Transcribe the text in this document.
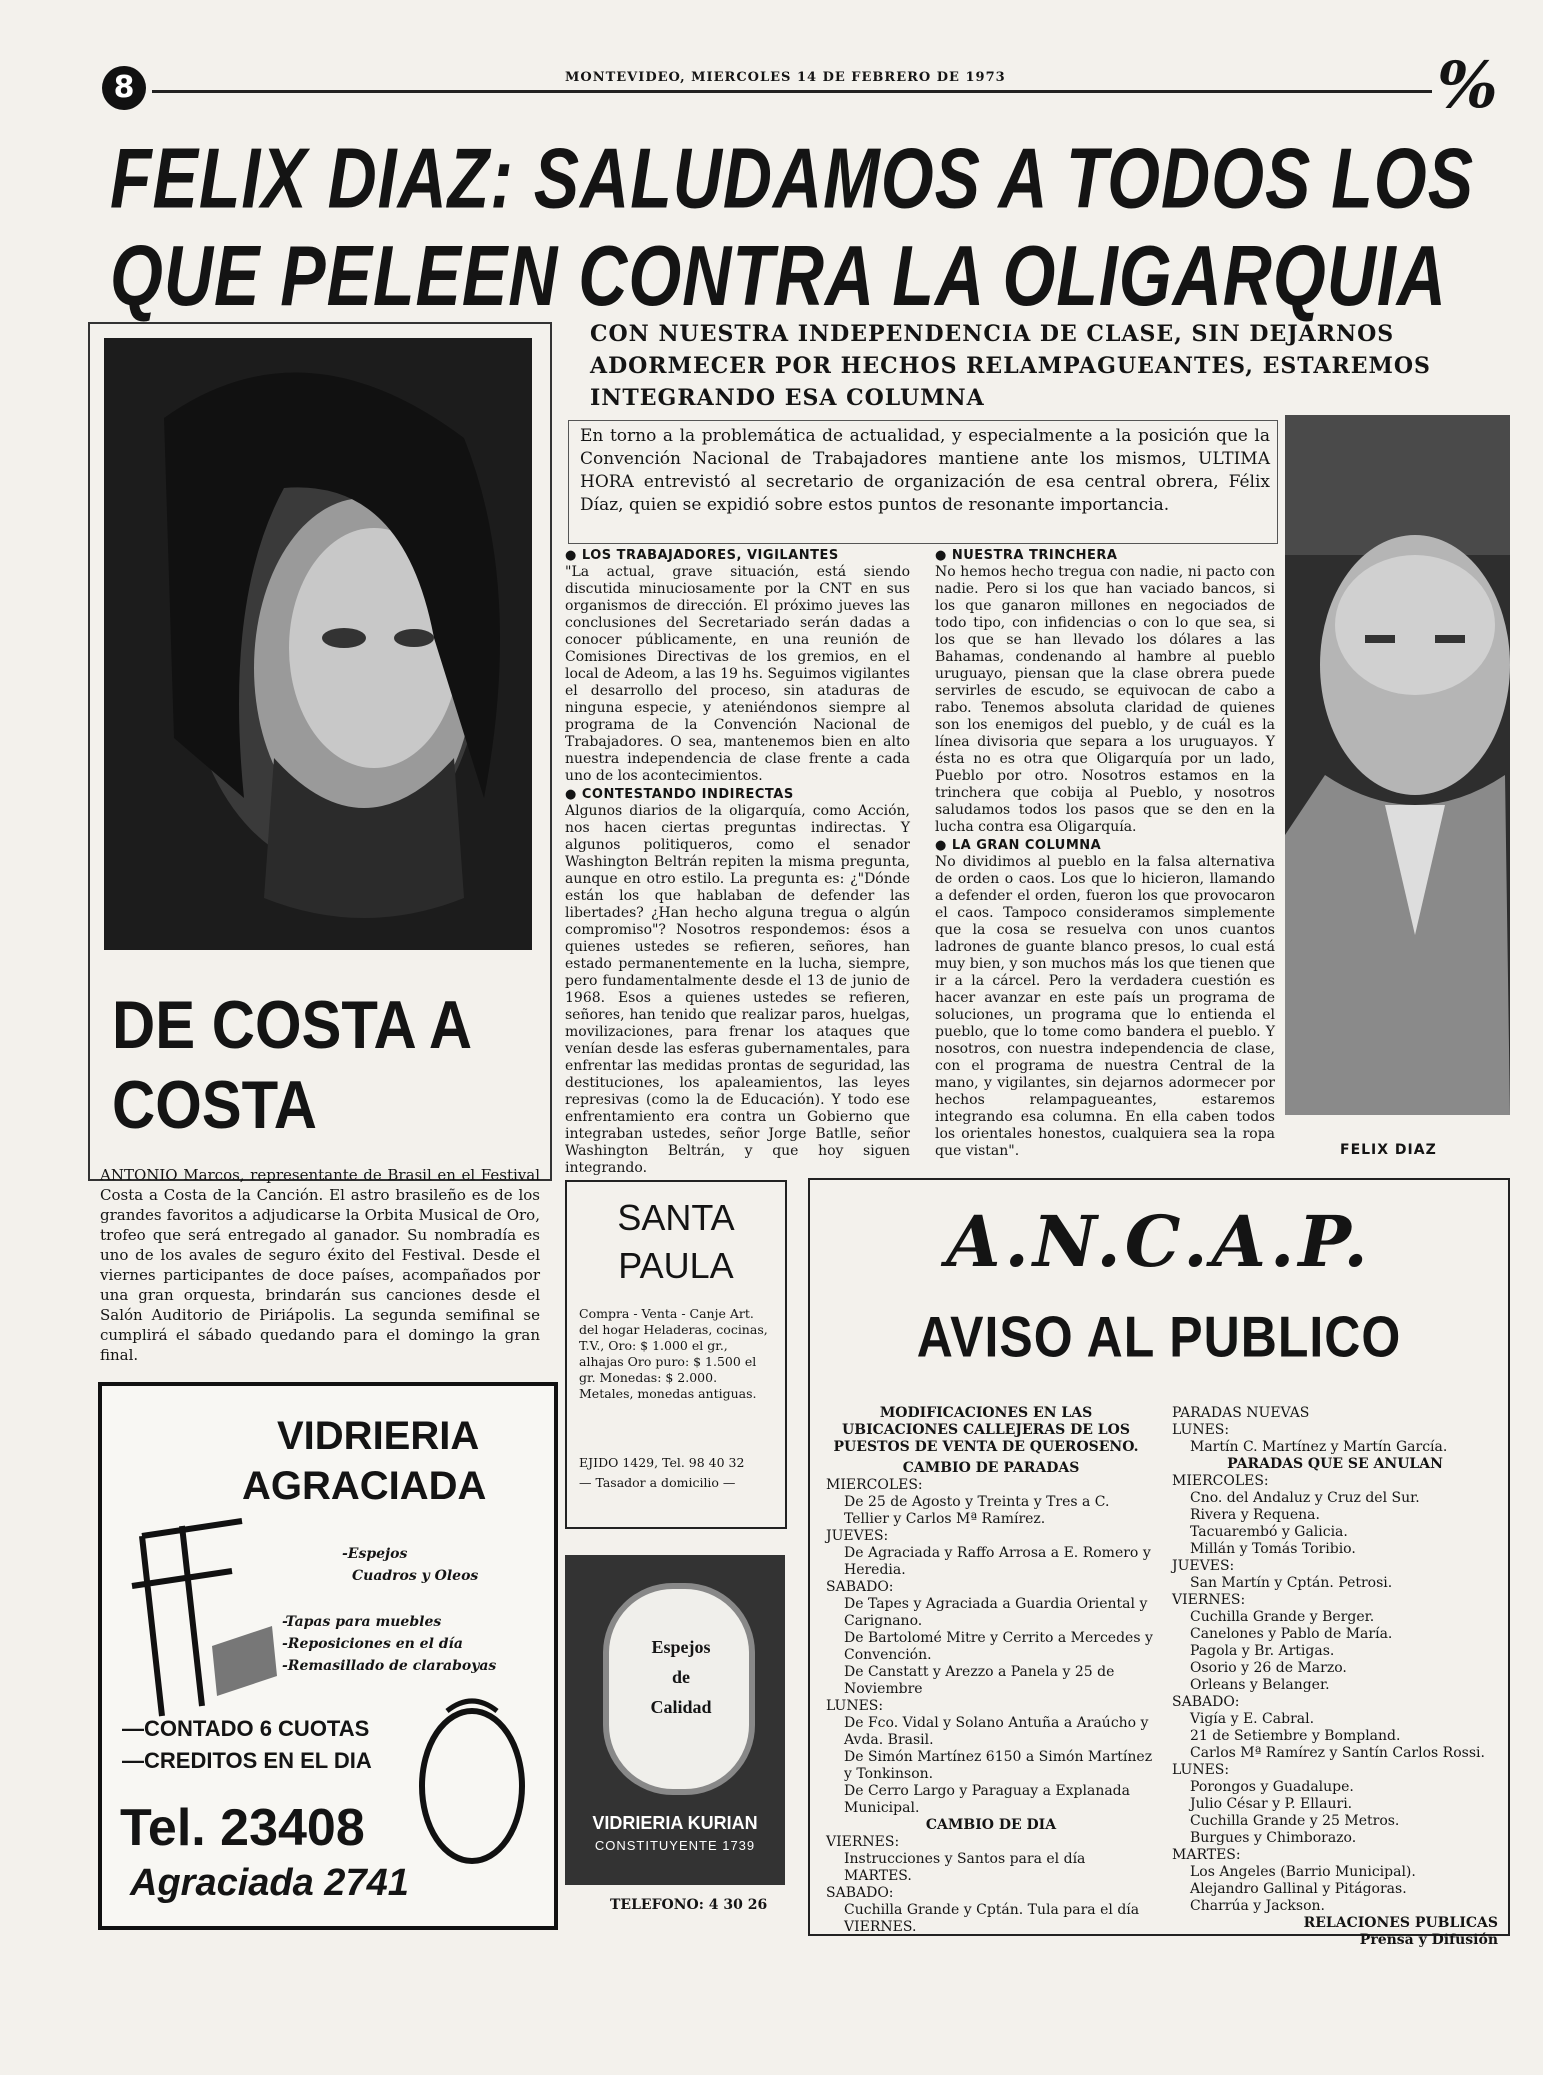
8	MONTEVIDEO, MIERCOLES 14 DE FEBRERO DE 1973	%
FELIX DIAZ: SALUDAMOS A TODOS LOS
QUE PELEEN CONTRA LA OLIGARQUIA
DE COSTA A COSTA
ANTONIO Marcos, representante de Brasil en el Festival Costa a Costa de la Canción. El astro brasileño es de los grandes favoritos a adjudicarse la Orbita Musical de Oro, trofeo que será entregado al ganador. Su nombradía es uno de los avales de seguro éxito del Festival. Desde el viernes participantes de doce países, acompañados por una gran orquesta, brindarán sus canciones desde el Salón Auditorio de Piriápolis. La segunda semifinal se cumplirá el sábado quedando para el domingo la gran final.
CON NUESTRA INDEPENDENCIA DE CLASE, SIN DEJARNOS ADORMECER POR HECHOS RELAMPAGUEANTES, ESTAREMOS INTEGRANDO ESA COLUMNA
En torno a la problemática de actualidad, y especialmente a la posición que la Convención Nacional de Trabajadores mantiene ante los mismos, ULTIMA HORA entrevistó al secretario de organización de esa central obrera, Félix Díaz, quien se expidió sobre estos puntos de resonante importancia.
● LOS TRABAJADORES, VIGILANTES

"La actual, grave situación, está siendo discutida minuciosamente por la CNT en sus organismos de dirección. El próximo jueves las conclusiones del Secretariado serán dadas a conocer públicamente, en una reunión de Comisiones Directivas de los gremios, en el local de Adeom, a las 19 hs. Seguimos vigilantes el desarrollo del proceso, sin ataduras de ninguna especie, y ateniéndonos siempre al programa de la Convención Nacional de Trabajadores. O sea, mantenemos bien en alto nuestra independencia de clase frente a cada uno de los acontecimientos.

● CONTESTANDO INDIRECTAS

Algunos diarios de la oligarquía, como Acción, nos hacen ciertas preguntas indirectas. Y algunos politiqueros, como el senador Washington Beltrán repiten la misma pregunta, aunque en otro estilo. La pregunta es: ¿"Dónde están los que hablaban de defender las libertades? ¿Han hecho alguna tregua o algún compromiso"? Nosotros respondemos: ésos a quienes ustedes se refieren, señores, han estado permanentemente en la lucha, siempre, pero fundamentalmente desde el 13 de junio de 1968. Esos a quienes ustedes se refieren, señores, han tenido que realizar paros, huelgas, movilizaciones, para frenar los ataques que venían desde las esferas gubernamentales, para enfrentar las medidas prontas de seguridad, las destituciones, los apaleamientos, las leyes represivas (como la de Educación). Y todo ese enfrentamiento era contra un Gobierno que integraban ustedes, señor Jorge Batlle, señor Washington Beltrán, y que hoy siguen integrando.

● NUESTRA TRINCHERA

No hemos hecho tregua con nadie, ni pacto con nadie. Pero si los que han vaciado bancos, si los que ganaron millones en negociados de todo tipo, con infidencias o con lo que sea, si los que se han llevado los dólares a las Bahamas, condenando al hambre al pueblo uruguayo, piensan que la clase obrera puede servirles de escudo, se equivocan de cabo a rabo. Tenemos absoluta claridad de quienes son los enemigos del pueblo, y de cuál es la línea divisoria que separa a los uruguayos. Y ésta no es otra que Oligarquía por un lado, Pueblo por otro. Nosotros estamos en la trinchera que cobija al Pueblo, y nosotros saludamos todos los pasos que se den en la lucha contra esa Oligarquía.

● LA GRAN COLUMNA

No dividimos al pueblo en la falsa alternativa de orden o caos. Los que lo hicieron, llamando a defender el orden, fueron los que provocaron el caos. Tampoco consideramos simplemente que la cosa se resuelva con unos cuantos ladrones de guante blanco presos, lo cual está muy bien, y son muchos más los que tienen que ir a la cárcel. Pero la verdadera cuestión es hacer avanzar en este país un programa de soluciones, un programa que lo entienda el pueblo, que lo tome como bandera el pueblo. Y nosotros, con nuestra independencia de clase, con el programa de nuestra Central de la mano, y vigilantes, sin dejarnos adormecer por hechos relampagueantes, estaremos integrando esa columna. En ella caben todos los orientales honestos, cualquiera sea la ropa que vistan".	FELIX DIAZ
VIDRIERIA
AGRACIADA
-Espejos
Cuadros y Oleos
-Tapas para muebles
-Reposiciones en el día
-Remasillado de claraboyas
—CONTADO 6 CUOTAS
—CREDITOS EN EL DIA
Tel. 23408
Agraciada 2741
SANTA PAULA
Compra - Venta - Canje Art. del hogar Heladeras, cocinas, T.V., Oro: $ 1.000 el gr., alhajas Oro puro: $ 1.500 el gr. Monedas: $ 2.000. Metales, monedas antiguas.
EJIDO 1429, Tel. 98 40 32
— Tasador a domicilio —
Espejos
de
Calidad
VIDRIERIA KURIAN
CONSTITUYENTE 1739
TELEFONO: 4 30 26
A.N.C.A.P.
AVISO AL PUBLICO
MODIFICACIONES EN LAS UBICACIONES CALLEJERAS DE LOS PUESTOS DE VENTA DE QUEROSENO.
CAMBIO DE PARADAS
MIERCOLES:
De 25 de Agosto y Treinta y Tres a C. Tellier y Carlos Mª Ramírez.
JUEVES:
De Agraciada y Raffo Arrosa a E. Romero y Heredia.
SABADO:
De Tapes y Agraciada a Guardia Oriental y Carignano.
De Bartolomé Mitre y Cerrito a Mercedes y Convención.
De Canstatt y Arezzo a Panela y 25 de Noviembre
LUNES:
De Fco. Vidal y Solano Antuña a Araúcho y Avda. Brasil.
De Simón Martínez 6150 a Simón Martínez y Tonkinson.
De Cerro Largo y Paraguay a Explanada Municipal.
CAMBIO DE DIA
VIERNES:
Instrucciones y Santos para el día MARTES.
SABADO:
Cuchilla Grande y Cptán. Tula para el día VIERNES.
PARADAS NUEVAS
LUNES:
Martín C. Martínez y Martín García.
PARADAS QUE SE ANULAN
MIERCOLES:
Cno. del Andaluz y Cruz del Sur.
Rivera y Requena.
Tacuarembó y Galicia.
Millán y Tomás Toribio.
JUEVES:
San Martín y Cptán. Petrosi.
VIERNES:
Cuchilla Grande y Berger.
Canelones y Pablo de María.
Pagola y Br. Artigas.
Osorio y 26 de Marzo.
Orleans y Belanger.
SABADO:
Vigía y E. Cabral.
21 de Setiembre y Bompland.
Carlos Mª Ramírez y Santín Carlos Rossi.
LUNES:
Porongos y Guadalupe.
Julio César y P. Ellauri.
Cuchilla Grande y 25 Metros.
Burgues y Chimborazo.
MARTES:
Los Angeles (Barrio Municipal).
Alejandro Gallinal y Pitágoras.
Charrúa y Jackson.
RELACIONES PUBLICAS
Prensa y Difusión
